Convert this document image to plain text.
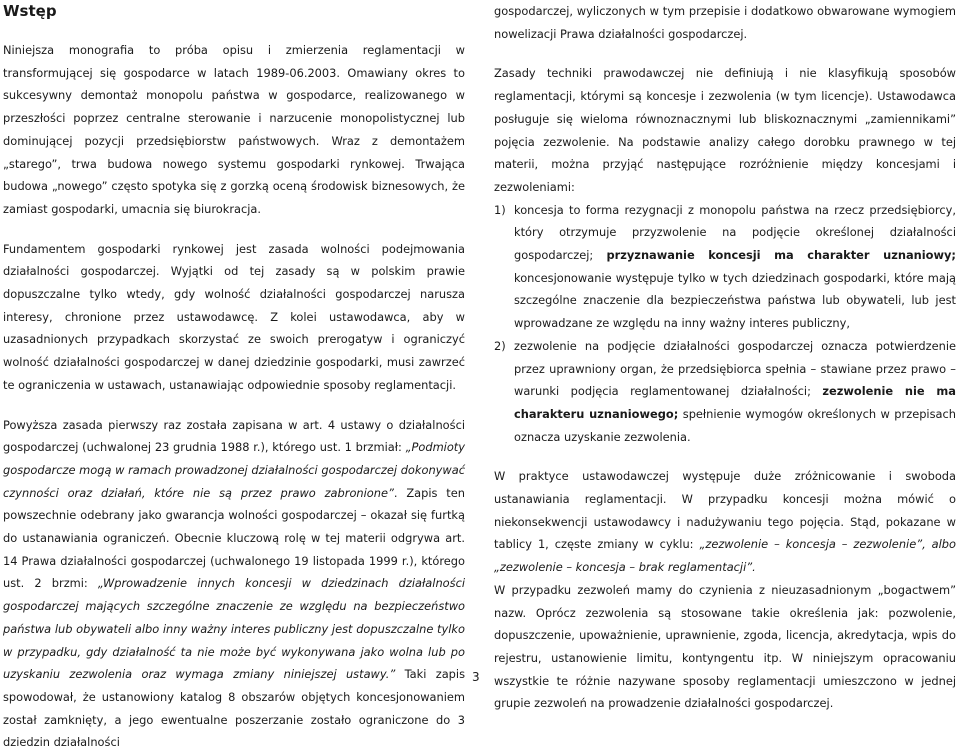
Wstęp

Niniejsza monografia to próba opisu i zmierzenia reglamentacji w transformującej się gospodarce w latach 1989-06.2003. Omawiany okres to sukcesywny demontaż monopolu państwa w gospodarce, realizowanego w przeszłości poprzez centralne sterowanie i narzucenie monopolistycznej lub dominującej pozycji przedsiębiorstw państwowych. Wraz z demontażem „starego”, trwa budowa nowego systemu gospodarki rynkowej. Trwająca budowa „nowego” często spotyka się z gorzką oceną środowisk biznesowych, że zamiast gospodarki, umacnia się biurokracja.

Fundamentem gospodarki rynkowej jest zasada wolności podejmowania działalności gospodarczej. Wyjątki od tej zasady są w polskim prawie dopuszczalne tylko wtedy, gdy wolność działalności gospodarczej narusza interesy, chronione przez ustawodawcę. Z kolei ustawodawca, aby w uzasadnionych przypadkach skorzystać ze swoich prerogatyw i ograniczyć wolność działalności gospodarczej w danej dziedzinie gospodarki, musi zawrzeć te ograniczenia w ustawach, ustanawiając odpowiednie sposoby reglamentacji.

Powyższa zasada pierwszy raz została zapisana w art. 4 ustawy o działalności gospodarczej (uchwalonej 23 grudnia 1988 r.), którego ust. 1 brzmiał: „Podmioty gospodarcze mogą w ramach prowadzonej działalności gospodarczej dokonywać czynności oraz działań, które nie są przez prawo zabronione”. Zapis ten powszechnie odebrany jako gwarancja wolności gospodarczej – okazał się furtką do ustanawiania ograniczeń. Obecnie kluczową rolę w tej materii odgrywa art. 14 Prawa działalności gospodarczej (uchwalonego 19 listopada 1999 r.), którego ust. 2 brzmi: „Wprowadzenie innych koncesji w dziedzinach działalności gospodarczej mających szczególne znaczenie ze względu na bezpieczeństwo państwa lub obywateli albo inny ważny interes publiczny jest dopuszczalne tylko w przypadku, gdy działalność ta nie może być wykonywana jako wolna lub po uzyskaniu zezwolenia oraz wymaga zmiany niniejszej ustawy.” Taki zapis spowodował, że ustanowiony katalog 8 obszarów objętych koncesjonowaniem został zamknięty, a jego ewentualne poszerzanie zostało ograniczone do 3 dziedzin działalności

gospodarczej, wyliczonych w tym przepisie i dodatkowo obwarowane wymogiem nowelizacji Prawa działalności gospodarczej.

Zasady techniki prawodawczej nie definiują i nie klasyfikują sposobów reglamentacji, którymi są koncesje i zezwolenia (w tym licencje). Ustawodawca posługuje się wieloma równoznacznymi lub bliskoznacznymi „zamiennikami” pojęcia zezwolenie. Na podstawie analizy całego dorobku prawnego w tej materii, można przyjąć następujące rozróżnienie między koncesjami i zezwoleniami:

1) koncesja to forma rezygnacji z monopolu państwa na rzecz przedsiębiorcy, który otrzymuje przyzwolenie na podjęcie określonej działalności gospodarczej; przyznawanie koncesji ma charakter uznaniowy; koncesjonowanie występuje tylko w tych dziedzinach gospodarki, które mają szczególne znaczenie dla bezpieczeństwa państwa lub obywateli, lub jest wprowadzane ze względu na inny ważny interes publiczny,
2) zezwolenie na podjęcie działalności gospodarczej oznacza potwierdzenie przez uprawniony organ, że przedsiębiorca spełnia – stawiane przez prawo – warunki podjęcia reglamentowanej działalności; zezwolenie nie ma charakteru uznaniowego; spełnienie wymogów określonych w przepisach oznacza uzyskanie zezwolenia.

W praktyce ustawodawczej występuje duże zróżnicowanie i swoboda ustanawiania reglamentacji. W przypadku koncesji można mówić o niekonsekwencji ustawodawcy i nadużywaniu tego pojęcia. Stąd, pokazane w tablicy 1, częste zmiany w cyklu: „zezwolenie – koncesja – zezwolenie”, albo „zezwolenie – koncesja – brak reglamentacji”.

W przypadku zezwoleń mamy do czynienia z nieuzasadnionym „bogactwem” nazw. Oprócz zezwolenia są stosowane takie określenia jak: pozwolenie, dopuszczenie, upoważnienie, uprawnienie, zgoda, licencja, akredytacja, wpis do rejestru, ustanowienie limitu, kontyngentu itp. W niniejszym opracowaniu wszystkie te różnie nazywane sposoby reglamentacji umieszczono w jednej grupie zezwoleń na prowadzenie działalności gospodarczej.

3
